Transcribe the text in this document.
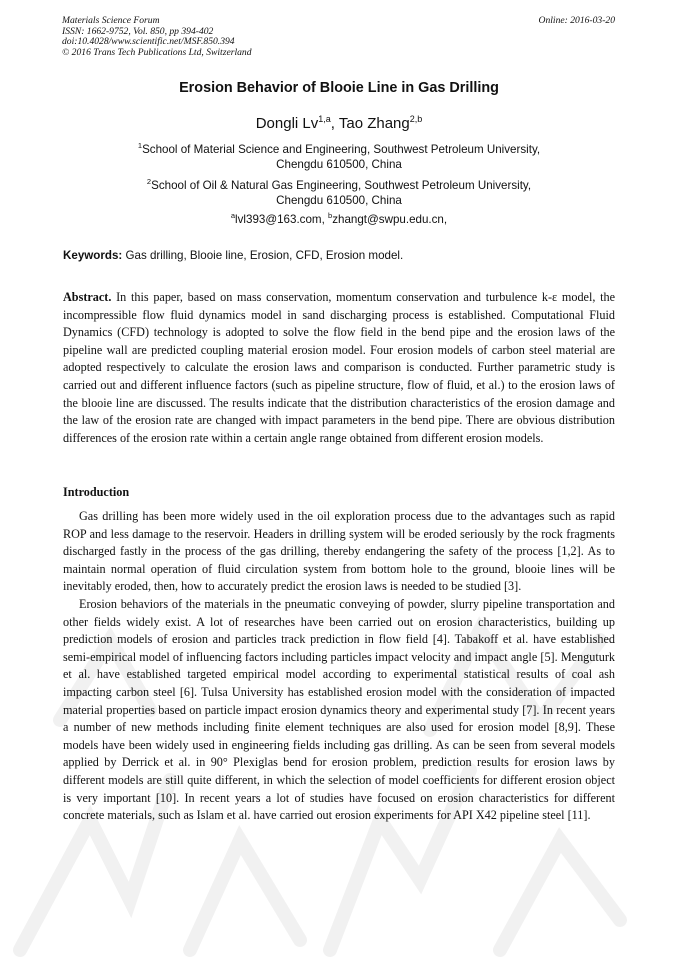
Materials Science Forum
ISSN: 1662-9752, Vol. 850, pp 394-402
doi:10.4028/www.scientific.net/MSF.850.394
© 2016 Trans Tech Publications Ltd, Switzerland
Online: 2016-03-20
Erosion Behavior of Blooie Line in Gas Drilling
Dongli Lv$^{1,a}$, Tao Zhang$^{2,b}$
$^1$School of Material Science and Engineering, Southwest Petroleum University,
Chengdu 610500, China
$^2$School of Oil & Natural Gas Engineering, Southwest Petroleum University,
Chengdu 610500, China
$^a$lvl393@163.com, $^b$zhangt@swpu.edu.cn,
Keywords: Gas drilling, Blooie line, Erosion, CFD, Erosion model.
Abstract. In this paper, based on mass conservation, momentum conservation and turbulence k-ε model, the incompressible flow fluid dynamics model in sand discharging process is established. Computational Fluid Dynamics (CFD) technology is adopted to solve the flow field in the bend pipe and the erosion laws of the pipeline wall are predicted coupling material erosion model. Four erosion models of carbon steel material are adopted respectively to calculate the erosion laws and comparison is conducted. Further parametric study is carried out and different influence factors (such as pipeline structure, flow of fluid, et al.) to the erosion laws of the blooie line are discussed. The results indicate that the distribution characteristics of the erosion damage and the law of the erosion rate are changed with impact parameters in the bend pipe. There are obvious distribution differences of the erosion rate within a certain angle range obtained from different erosion models.
Introduction

Gas drilling has been more widely used in the oil exploration process due to the advantages such as rapid ROP and less damage to the reservoir. Headers in drilling system will be eroded seriously by the rock fragments discharged fastly in the process of the gas drilling, thereby endangering the safety of the process [1,2]. As to maintain normal operation of fluid circulation system from bottom hole to the ground, blooie lines will be inevitably eroded, then, how to accurately predict the erosion laws is needed to be studied [3].

Erosion behaviors of the materials in the pneumatic conveying of powder, slurry pipeline transportation and other fields widely exist. A lot of researches have been carried out on erosion characteristics, building up prediction models of erosion and particles track prediction in flow field [4]. Tabakoff et al. have established semi-empirical model of influencing factors including particles impact velocity and impact angle [5]. Menguturk et al. have established targeted empirical model according to experimental statistical results of coal ash impacting carbon steel [6]. Tulsa University has established erosion model with the consideration of impacted material properties based on particle impact erosion dynamics theory and experimental study [7]. In recent years a number of new methods including finite element techniques are also used for erosion model [8,9]. These models have been widely used in engineering fields including gas drilling. As can be seen from several models applied by Derrick et al. in 90° Plexiglas bend for erosion problem, prediction results for erosion laws by different models are still quite different, in which the selection of model coefficients for different erosion object is very important [10]. In recent years a lot of studies have focused on erosion characteristics for different concrete materials, such as Islam et al. have carried out erosion experiments for API X42 pipeline steel [11].
